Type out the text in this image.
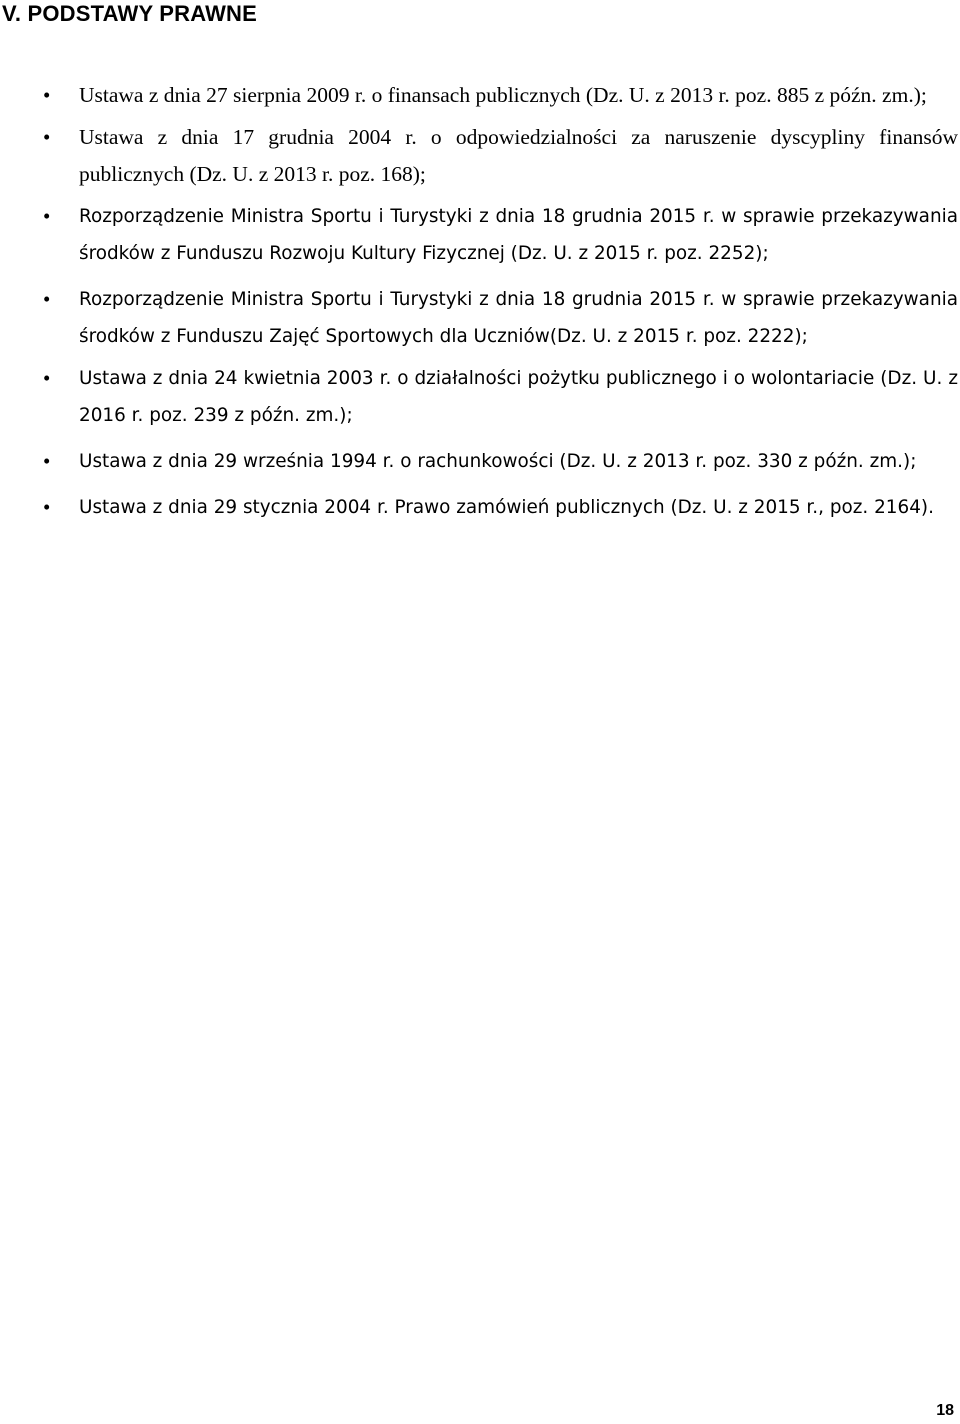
V. PODSTAWY PRAWNE
• Ustawa z dnia 27 sierpnia 2009 r. o finansach publicznych (Dz. U. z 2013 r. poz. 885 z późn. zm.);
• Ustawa z dnia 17 grudnia 2004 r. o odpowiedzialności za naruszenie dyscypliny finansów publicznych (Dz. U. z 2013 r. poz. 168);
• Rozporządzenie Ministra Sportu i Turystyki z dnia 18 grudnia 2015 r. w sprawie przekazywania środków z Funduszu Rozwoju Kultury Fizycznej (Dz. U. z 2015 r. poz. 2252);
• Rozporządzenie Ministra Sportu i Turystyki z dnia 18 grudnia 2015 r. w sprawie przekazywania środków z Funduszu Zajęć Sportowych dla Uczniów(Dz. U. z 2015 r. poz. 2222);
• Ustawa z dnia 24 kwietnia 2003 r. o działalności pożytku publicznego i o wolontariacie (Dz. U. z 2016 r. poz. 239 z późn. zm.);
• Ustawa z dnia 29 września 1994 r. o rachunkowości (Dz. U. z 2013 r. poz. 330 z późn. zm.);
• Ustawa z dnia 29 stycznia 2004 r. Prawo zamówień publicznych (Dz. U. z 2015 r., poz. 2164).
18
